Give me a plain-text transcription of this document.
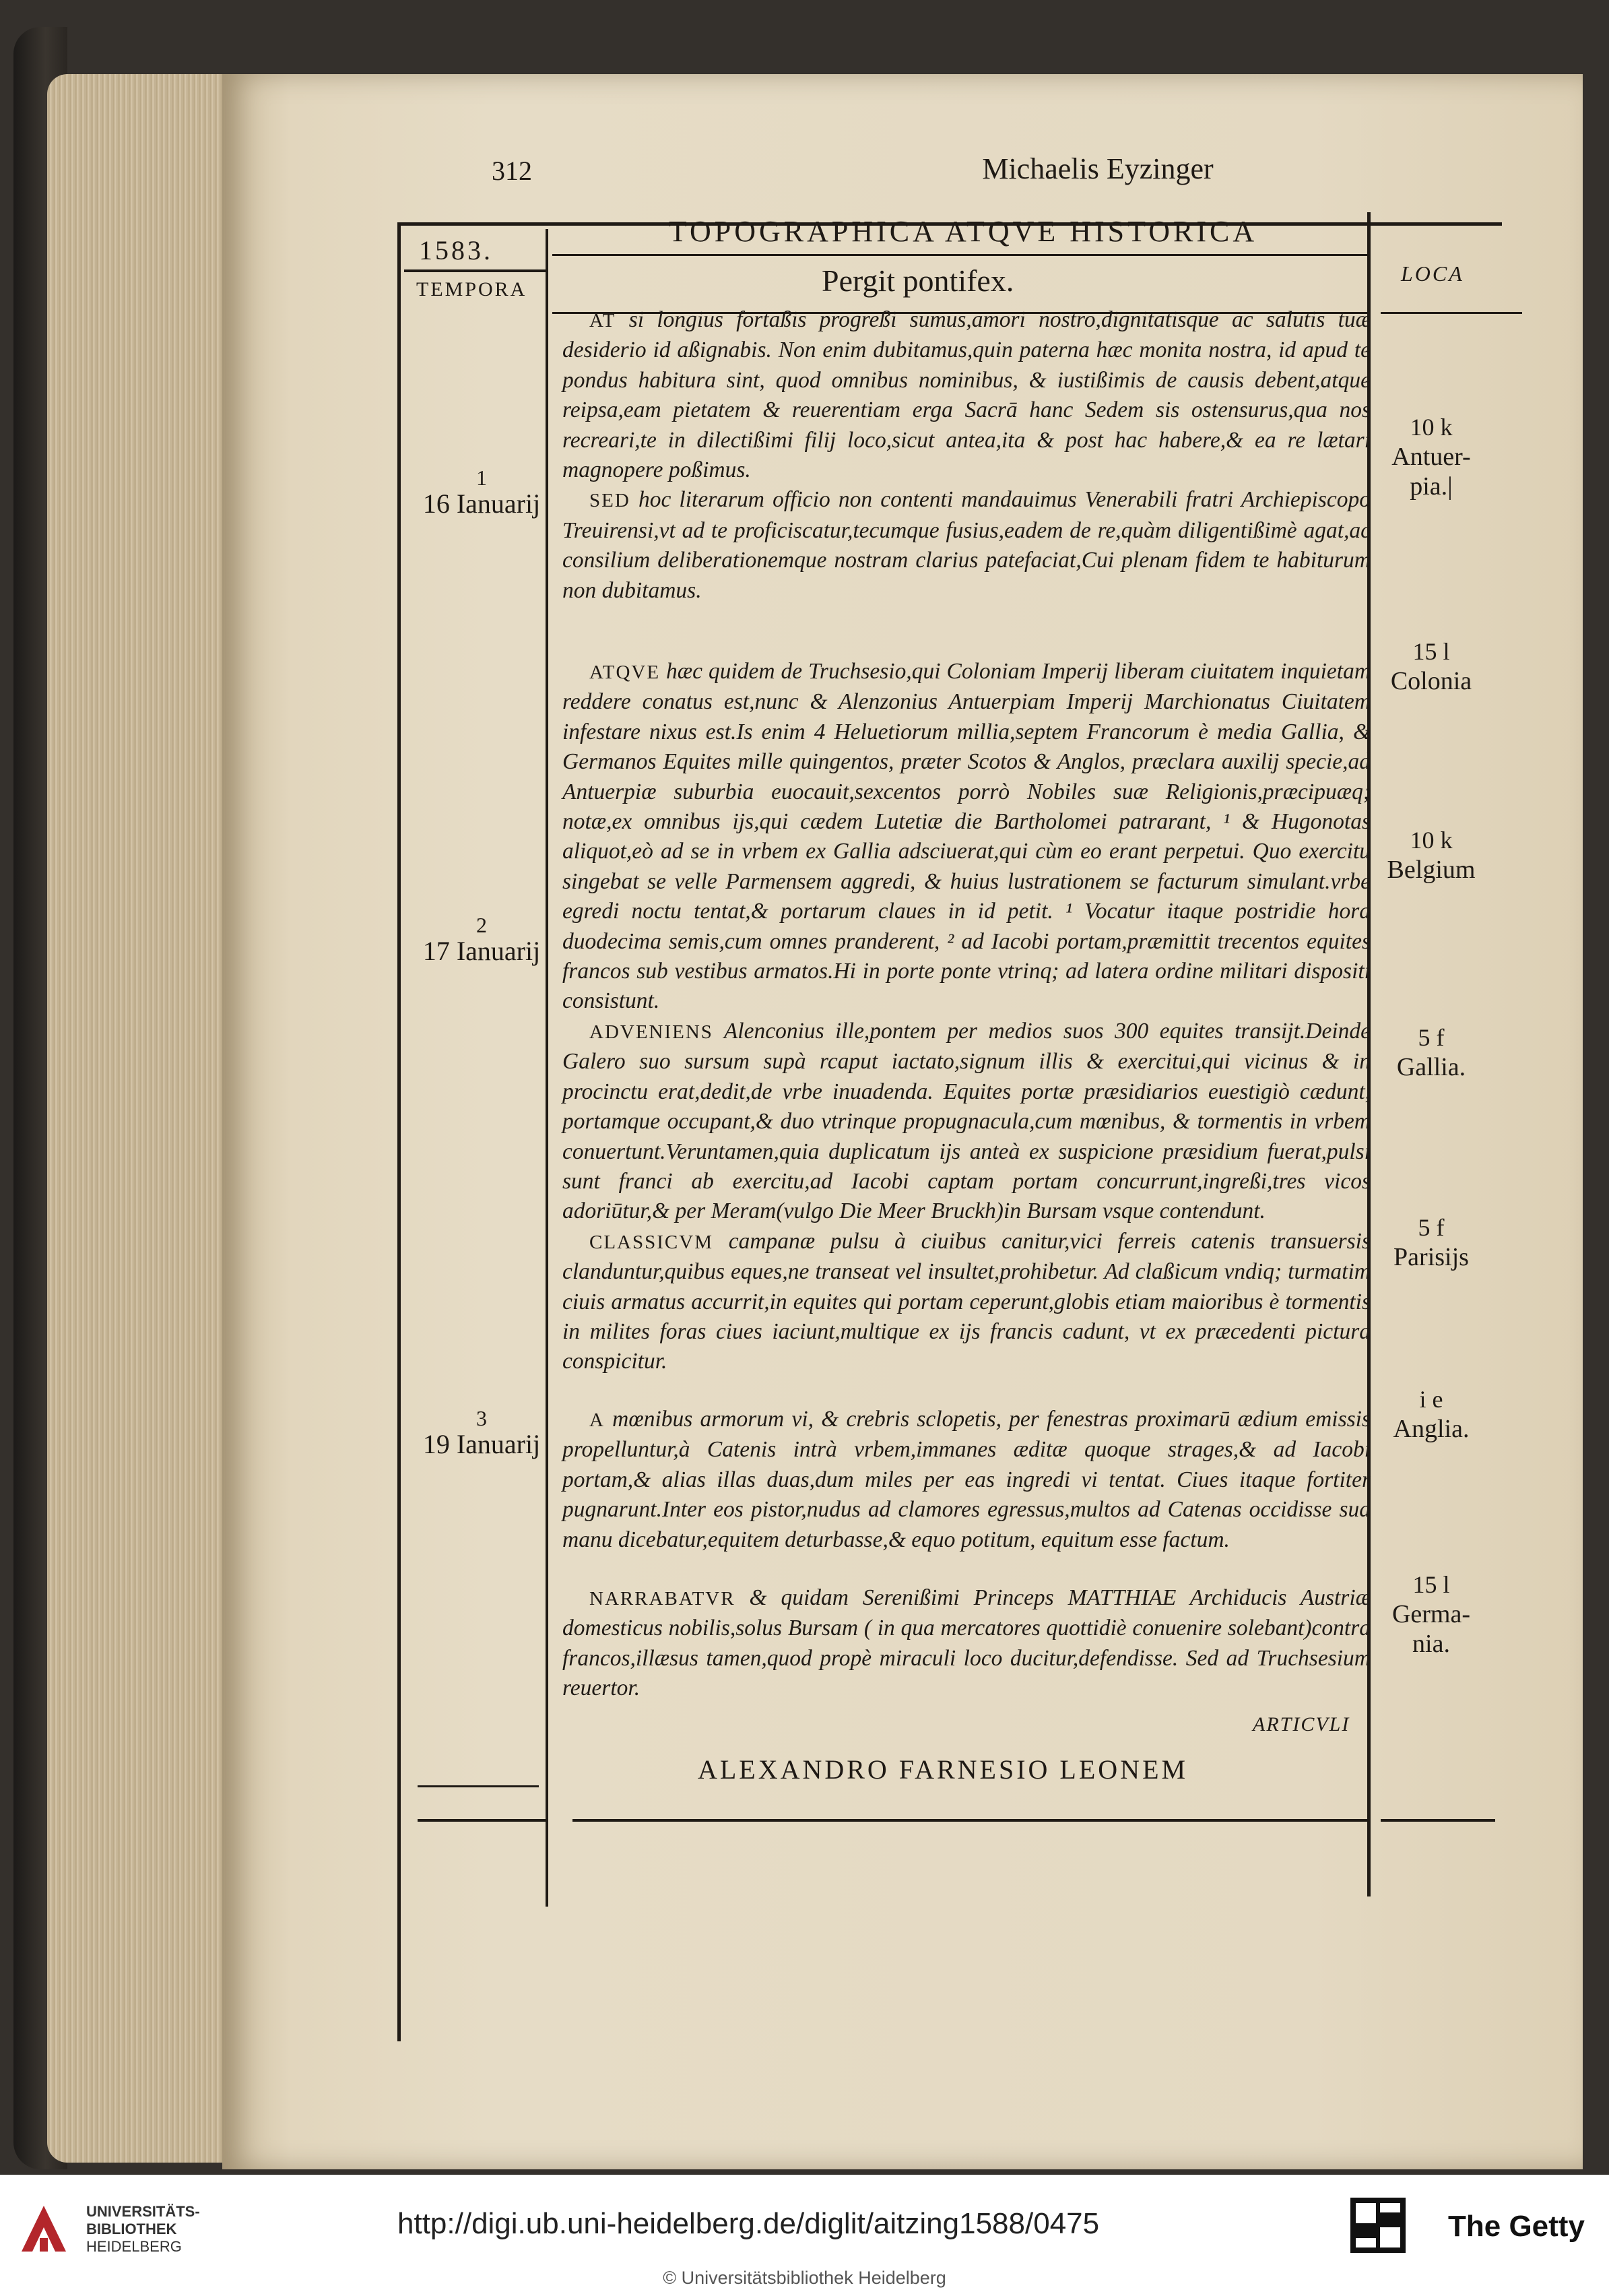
312	Michaelis Eyzinger
TOPOGRAPHICA ATQVE HISTORICA
1583.
TEMPORA
LOCA
Pergit pontifex.

AT si longius fortaßis progreßi sumus,amori nostro,dignitatisque ac salutis tuæ desiderio id aßignabis. Non enim dubitamus,quin paterna hæc monita nostra, id apud te pondus habitura sint, quod omnibus nominibus, & iustißimis de causis debent,atque reipsa,eam pietatem & reuerentiam erga Sacrā hanc Sedem sis ostensurus,qua nos recreari,te in dilectißimi filij loco,sicut antea,ita & post hac habere,& ea re lætari magnopere poßimus.

SED hoc literarum officio non contenti mandauimus Venerabili fratri Archiepiscopo Treuirensi,vt ad te proficiscatur,tecumque fusius,eadem de re,quàm diligentißimè agat,ac consilium deliberationemque nostram clarius patefaciat,Cui plenam fidem te habiturum non dubitamus.

ATQVE hæc quidem de Truchsesio,qui Coloniam Imperij liberam ciuitatem inquietam reddere conatus est,nunc & Alenzonius Antuerpiam Imperij Marchionatus Ciuitatem infestare nixus est.Is enim 4 Heluetiorum millia,septem Francorum è media Gallia, & Germanos Equites mille quingentos, præter Scotos & Anglos, præclara auxilij specie,ad Antuerpiæ suburbia euocauit,sexcentos porrò Nobiles suæ Religionis,præcipuæq; notæ,ex omnibus ijs,qui cædem Lutetiæ die Bartholomei patrarant, ¹ & Hugonotas aliquot,eò ad se in vrbem ex Gallia adsciuerat,qui cùm eo erant perpetui. Quo exercitu singebat se velle Parmensem aggredi, & huius lustrationem se facturum simulant.vrbe egredi noctu tentat,& portarum claues in id petit. ¹ Vocatur itaque postridie hora duodecima semis,cum omnes pranderent, ² ad Iacobi portam,præmittit trecentos equites francos sub vestibus armatos.Hi in porte ponte vtrinq; ad latera ordine militari dispositi consistunt.

ADVENIENS Alenconius ille,pontem per medios suos 300 equites transijt.Deinde Galero suo sursum supà rcaput iactato,signum illis & exercitui,qui vicinus & in procinctu erat,dedit,de vrbe inuadenda. Equites portæ præsidiarios euestigiò cædunt, portamque occupant,& duo vtrinque propugnacula,cum mœnibus, & tormentis in vrbem conuertunt.Veruntamen,quia duplicatum ijs anteà ex suspicione præsidium fuerat,pulsi sunt franci ab exercitu,ad Iacobi captam portam concurrunt,ingreßi,tres vicos adoriūtur,& per Meram(vulgo Die Meer Bruckh)in Bursam vsque contendunt.

CLASSICVM campanæ pulsu à ciuibus canitur,vici ferreis catenis transuersis clanduntur,quibus eques,ne transeat vel insultet,prohibetur. Ad claßicum vndiq; turmatim ciuis armatus accurrit,in equites qui portam ceperunt,globis etiam maioribus è tormentis in milites foras ciues iaciunt,multique ex ijs francis cadunt, vt ex præcedenti pictura conspicitur.

A mœnibus armorum vi, & crebris sclopetis, per fenestras proximarū ædium emissis propelluntur,à Catenis intrà vrbem,immanes æditæ quoque strages,& ad Iacobi portam,& alias illas duas,dum miles per eas ingredi vi tentat. Ciues itaque fortiter pugnarunt.Inter eos pistor,nudus ad clamores egressus,multos ad Catenas occidisse sua manu dicebatur,equitem deturbasse,& equo potitum, equitum esse factum.

NARRABATVR & quidam Serenißimi Princeps MATTHIAE Archiducis Austriæ domesticus nobilis,solus Bursam ( in qua mercatores quottidiè conuenire solebant)contra francos,illæsus tamen,quod propè miraculi loco ducitur,defendisse. Sed ad Truchsesium reuertor.

1
16 Ianuarij
2
17 Ianuarij
3
19 Ianuarij
10 k
Antuer-pia.|
15 l
Colonia
10 k
Belgium
5 f
Gallia.
5 f
Parisijs
i e
Anglia.
15 l
Germa-nia.
ARTICVLI
ALEXANDRO FARNESIO LEONEM
UNIVERSITÄTS-
BIBLIOTHEK
HEIDELBERG
http://digi.ub.uni-heidelberg.de/diglit/aitzing1588/0475
© Universitätsbibliothek Heidelberg
The Getty
